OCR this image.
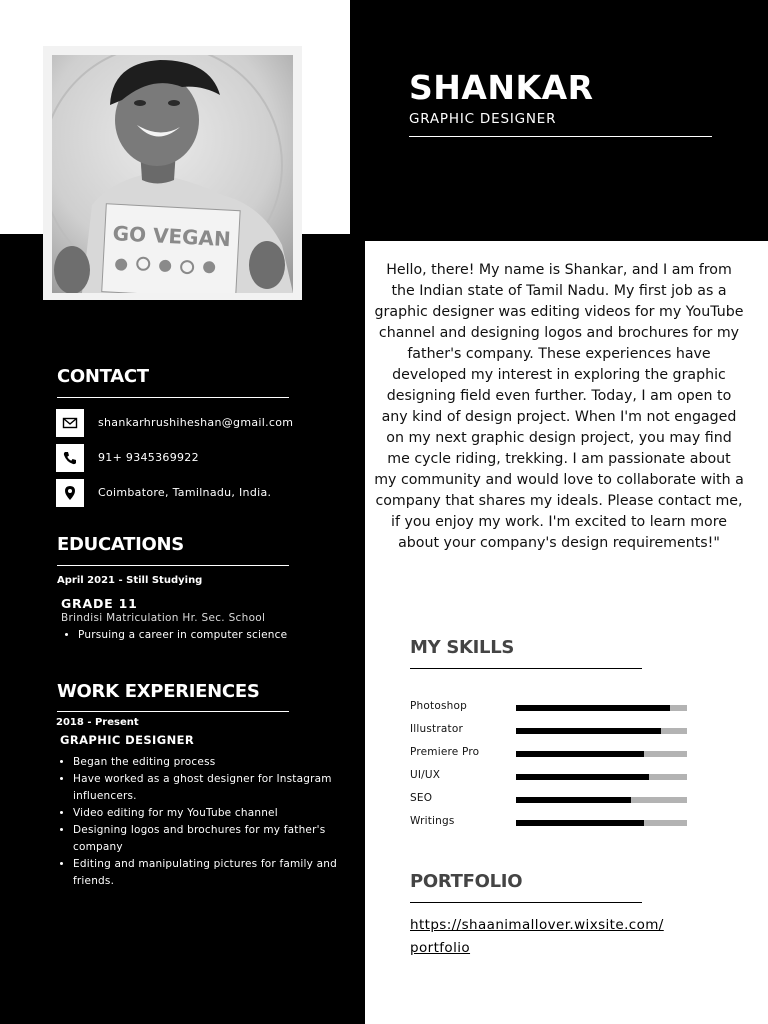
GO VEGAN
SHANKAR
GRAPHIC DESIGNER
Hello, there! My name is Shankar, and I am from the Indian state of Tamil Nadu. My first job as a graphic designer was editing videos for my YouTube channel and designing logos and brochures for my father's company. These experiences have developed my interest in exploring the graphic designing field even further. Today, I am open to any kind of design project. When I'm not engaged on my next graphic design project, you may find me cycle riding, trekking. I am passionate about my community and would love to collaborate with a company that shares my ideals. Please contact me, if you enjoy my work. I'm excited to learn more about your company's design requirements!"
CONTACT
shankarhrushiheshan@gmail.com
91+ 9345369922
Coimbatore, Tamilnadu, India.
EDUCATIONS
April 2021 - Still Studying
GRADE 11
Brindisi Matriculation Hr. Sec. School
• Pursuing a career in computer science
WORK EXPERIENCES
2018 - Present
GRAPHIC DESIGNER
• Began the editing process
• Have worked as a ghost designer for Instagram influencers.
• Video editing for my YouTube channel
• Designing logos and brochures for my father's company
• Editing and manipulating pictures for family and friends.
MY SKILLS
Photoshop
Illustrator
Premiere Pro
UI/UX
SEO
Writings
PORTFOLIO
https://shaanimallover.wixsite.com/
portfolio
